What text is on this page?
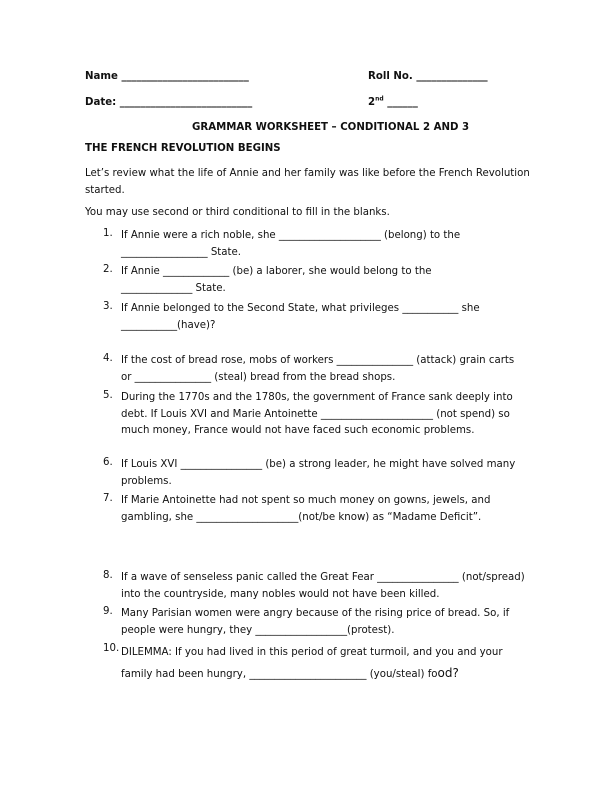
Name _________________________	Roll No. ______________
Date: __________________________	2nd ______
GRAMMAR WORKSHEET – CONDITIONAL 2 AND 3
THE FRENCH REVOLUTION BEGINS
Let’s review what the life of Annie and her family was like before the French Revolution started.
You may use second or third conditional to fill in the blanks.
1. If Annie were a rich noble, she ____________________ (belong) to the _________________ State.
2. If Annie _____________ (be) a laborer, she would belong to the ______________ State.
3. If Annie belonged to the Second State, what privileges ___________ she ___________(have)?
4. If the cost of bread rose, mobs of workers _______________ (attack) grain carts or _______________ (steal) bread from the bread shops.
5. During the 1770s and the 1780s, the government of France sank deeply into debt. If Louis XVI and Marie Antoinette ______________________ (not spend) so much money, France would not have faced such economic problems.
6. If Louis XVI ________________ (be) a strong leader, he might have solved many problems.
7. If Marie Antoinette had not spent so much money on gowns, jewels, and gambling, she ____________________(not/be know) as “Madame Deficit”.
8. If a wave of senseless panic called the Great Fear ________________ (not/spread) into the countryside, many nobles would not have been killed.
9. Many Parisian women were angry because of the rising price of bread. So, if people were hungry, they __________________(protest).
10. DILEMMA: If you had lived in this period of great turmoil, and you and your family had been hungry, _______________________ (you/steal) food?
